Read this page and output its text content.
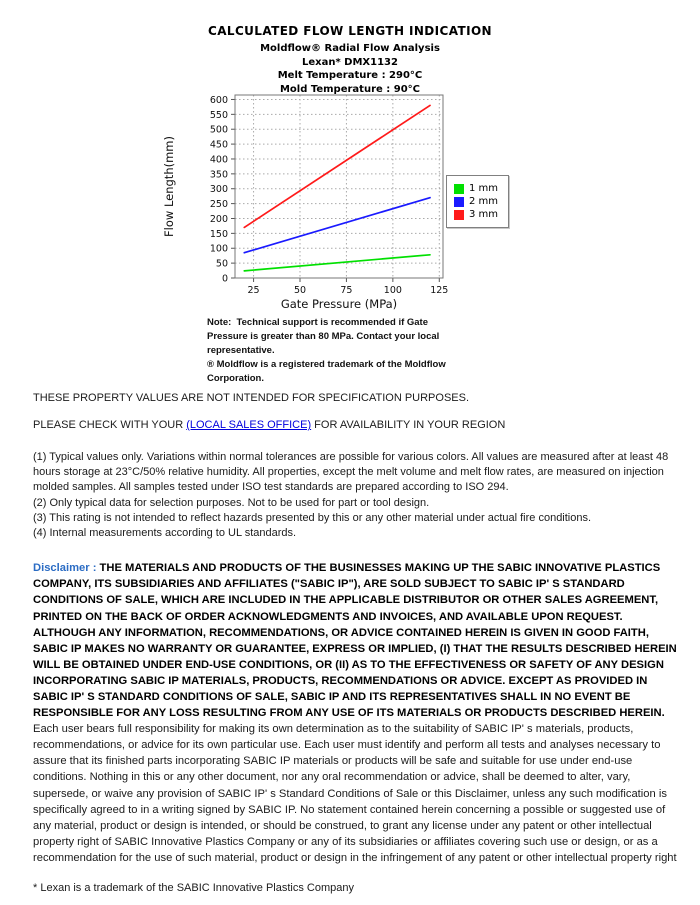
CALCULATED FLOW LENGTH INDICATION
Moldflow® Radial Flow Analysis
Lexan* DMX1132
Melt Temperature : 290°C
Mold Temperature : 90°C
0
50
100
150
200
250
300
350
400
450
500
550
600
25	50	75	100	125
Gate Pressure (MPa)
Flow Length(mm)	1 mm
2 mm
3 mm
Note:  Technical support is recommended if Gate
Pressure is greater than 80 MPa. Contact your local
representative.
® Moldflow is a registered trademark of the Moldflow
Corporation.

THESE PROPERTY VALUES ARE NOT INTENDED FOR SPECIFICATION PURPOSES.

PLEASE CHECK WITH YOUR (LOCAL SALES OFFICE) FOR AVAILABILITY IN YOUR REGION

(1) Typical values only. Variations within normal tolerances are possible for various colors. All values are measured after at least 48 hours storage at 23°C/50% relative humidity. All properties, except the melt volume and melt flow rates, are measured on injection molded samples. All samples tested under ISO test standards are prepared according to ISO 294.
(2) Only typical data for selection purposes. Not to be used for part or tool design.
(3) This rating is not intended to reflect hazards presented by this or any other material under actual fire conditions.
(4) Internal measurements according to UL standards.

Disclaimer : THE MATERIALS AND PRODUCTS OF THE BUSINESSES MAKING UP THE SABIC INNOVATIVE PLASTICS COMPANY, ITS SUBSIDIARIES AND AFFILIATES ("SABIC IP"), ARE SOLD SUBJECT TO SABIC IP' S STANDARD CONDITIONS OF SALE, WHICH ARE INCLUDED IN THE APPLICABLE DISTRIBUTOR OR OTHER SALES AGREEMENT, PRINTED ON THE BACK OF ORDER ACKNOWLEDGMENTS AND INVOICES, AND AVAILABLE UPON REQUEST. ALTHOUGH ANY INFORMATION, RECOMMENDATIONS, OR ADVICE CONTAINED HEREIN IS GIVEN IN GOOD FAITH, SABIC IP MAKES NO WARRANTY OR GUARANTEE, EXPRESS OR IMPLIED, (I) THAT THE RESULTS DESCRIBED HEREIN WILL BE OBTAINED UNDER END-USE CONDITIONS, OR (II) AS TO THE EFFECTIVENESS OR SAFETY OF ANY DESIGN INCORPORATING SABIC IP MATERIALS, PRODUCTS, RECOMMENDATIONS OR ADVICE. EXCEPT AS PROVIDED IN SABIC IP' S STANDARD CONDITIONS OF SALE, SABIC IP AND ITS REPRESENTATIVES SHALL IN NO EVENT BE RESPONSIBLE FOR ANY LOSS RESULTING FROM ANY USE OF ITS MATERIALS OR PRODUCTS DESCRIBED HEREIN. Each user bears full responsibility for making its own determination as to the suitability of SABIC IP' s materials, products, recommendations, or advice for its own particular use. Each user must identify and perform all tests and analyses necessary to assure that its finished parts incorporating SABIC IP materials or products will be safe and suitable for use under end-use conditions. Nothing in this or any other document, nor any oral recommendation or advice, shall be deemed to alter, vary, supersede, or waive any provision of SABIC IP' s Standard Conditions of Sale or this Disclaimer, unless any such modification is specifically agreed to in a writing signed by SABIC IP. No statement contained herein concerning a possible or suggested use of any material, product or design is intended, or should be construed, to grant any license under any patent or other intellectual property right of SABIC Innovative Plastics Company or any of its subsidiaries or affiliates covering such use or design, or as a recommendation for the use of such material, product or design in the infringement of any patent or other intellectual property right

* Lexan is a trademark of the SABIC Innovative Plastics Company
